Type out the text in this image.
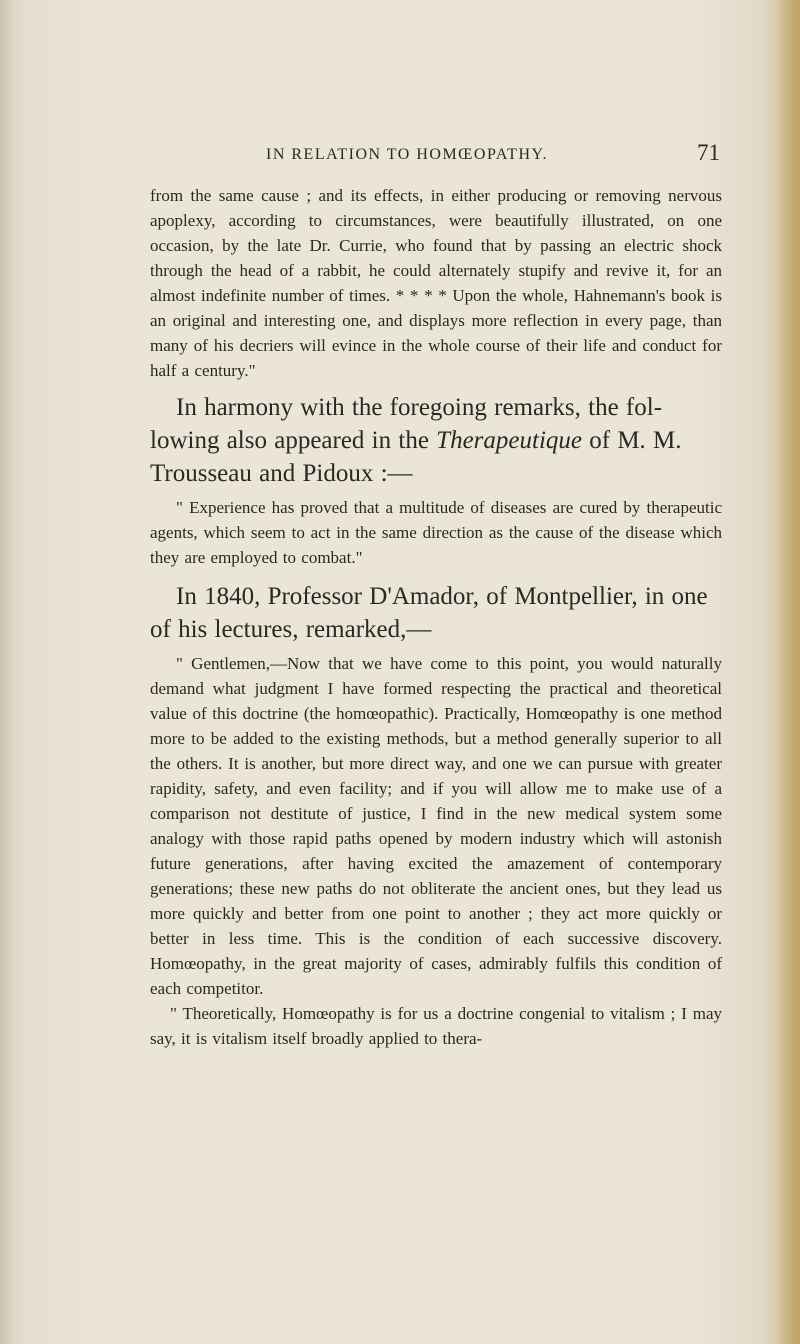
IN RELATION TO HOMŒOPATHY.	71

from the same cause ; and its effects, in either producing or removing nervous apoplexy, according to circumstances, were beautifully illustrated, on one occasion, by the late Dr. Currie, who found that by passing an electric shock through the head of a rabbit, he could alternately stupify and revive it, for an almost indefinite number of times. * * * * Upon the whole, Hahnemann's book is an original and interesting one, and displays more reflection in every page, than many of his decriers will evince in the whole course of their life and conduct for half a century."

In harmony with the foregoing remarks, the fol-lowing also appeared in the Therapeutique of M. M. Trousseau and Pidoux :—

" Experience has proved that a multitude of diseases are cured by therapeutic agents, which seem to act in the same direction as the cause of the disease which they are employed to combat."

In 1840, Professor D'Amador, of Montpellier, in one of his lectures, remarked,—

" Gentlemen,—Now that we have come to this point, you would naturally demand what judgment I have formed respecting the practical and theoretical value of this doctrine (the homœopathic). Practically, Homœopathy is one method more to be added to the existing methods, but a method generally superior to all the others. It is another, but more direct way, and one we can pursue with greater rapidity, safety, and even facility; and if you will allow me to make use of a comparison not destitute of justice, I find in the new medical system some analogy with those rapid paths opened by modern industry which will astonish future generations, after having excited the amazement of contemporary generations; these new paths do not obliterate the ancient ones, but they lead us more quickly and better from one point to another ; they act more quickly or better in less time. This is the condition of each successive discovery. Homœopathy, in the great majority of cases, admirably fulfils this condition of each competitor.

" Theoretically, Homœopathy is for us a doctrine congenial to vitalism ; I may say, it is vitalism itself broadly applied to thera-
